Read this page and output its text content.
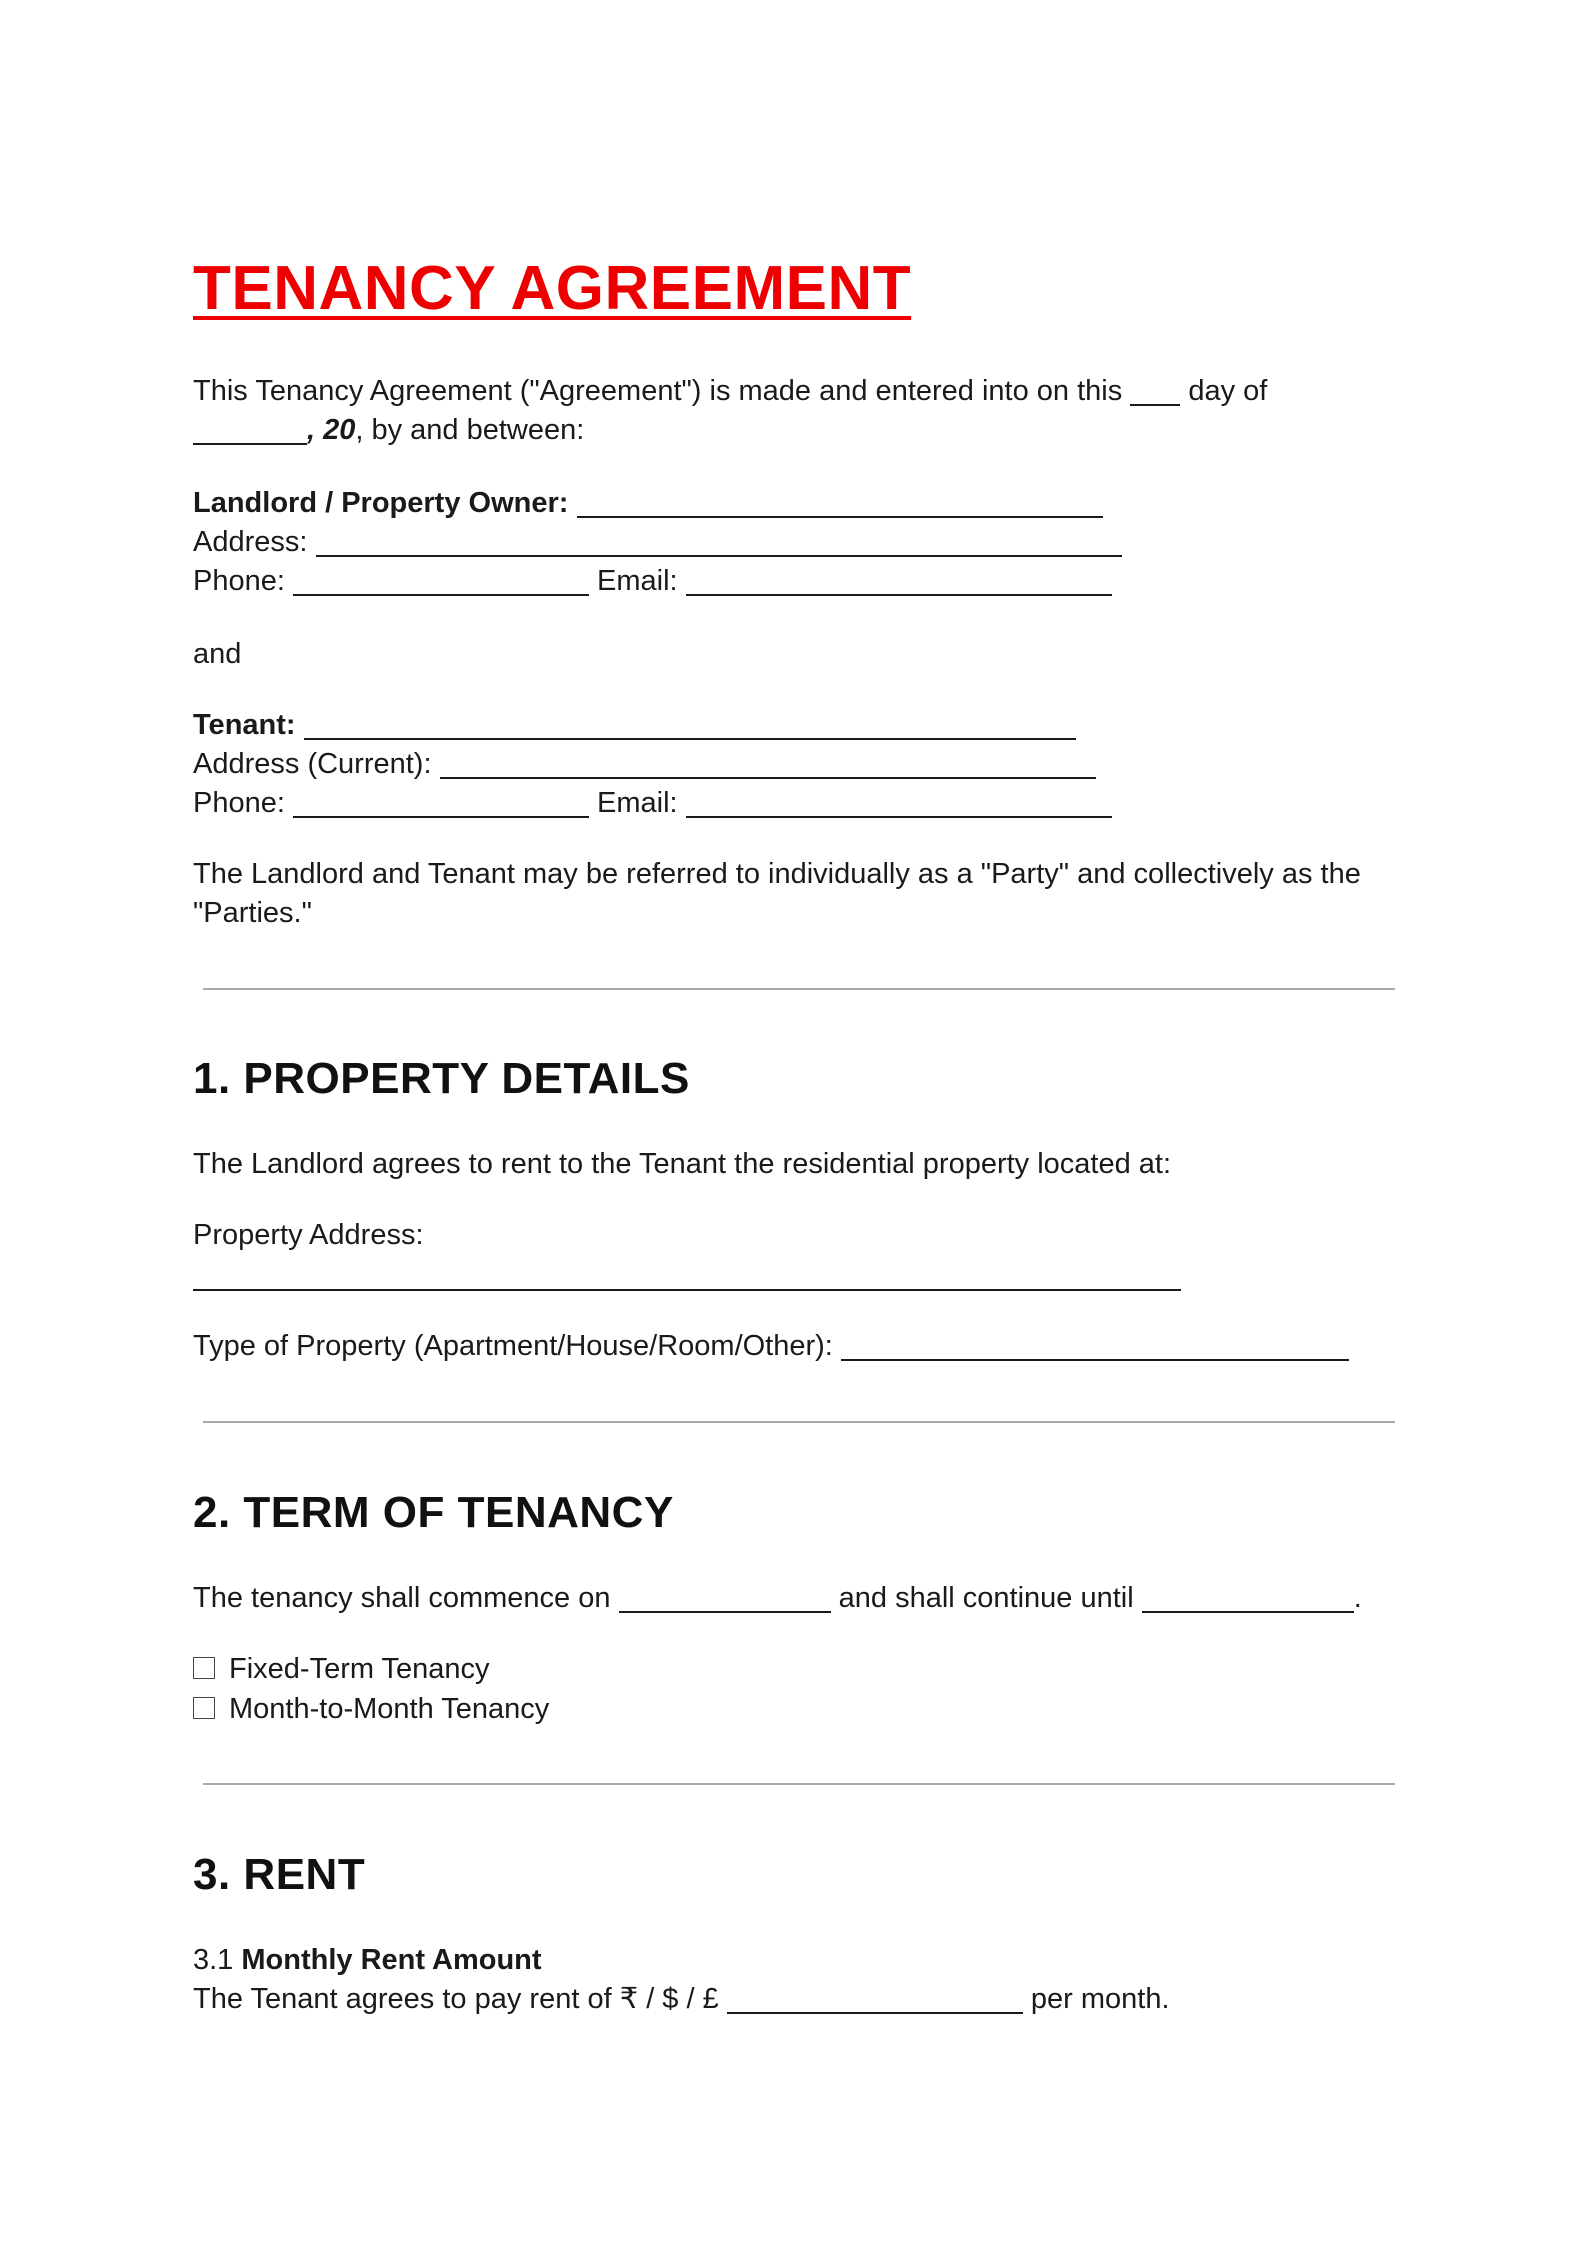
TENANCY AGREEMENT

This Tenancy Agreement ("Agreement") is made and entered into on this day of

, 20, by and between:

Landlord / Property Owner:

Address:

Phone:	Email:

and

Tenant:

Address (Current):

Phone:	Email:

The Landlord and Tenant may be referred to individually as a "Party" and collectively as the

"Parties."

1. PROPERTY DETAILS

The Landlord agrees to rent to the Tenant the residential property located at:

Property Address:

Type of Property (Apartment/House/Room/Other):

2. TERM OF TENANCY

The tenancy shall commence on	and shall continue until	.

Fixed-Term Tenancy

Month-to-Month Tenancy

3. RENT

3.1 Monthly Rent Amount

The Tenant agrees to pay rent of ₹ / $ / £	per month.
